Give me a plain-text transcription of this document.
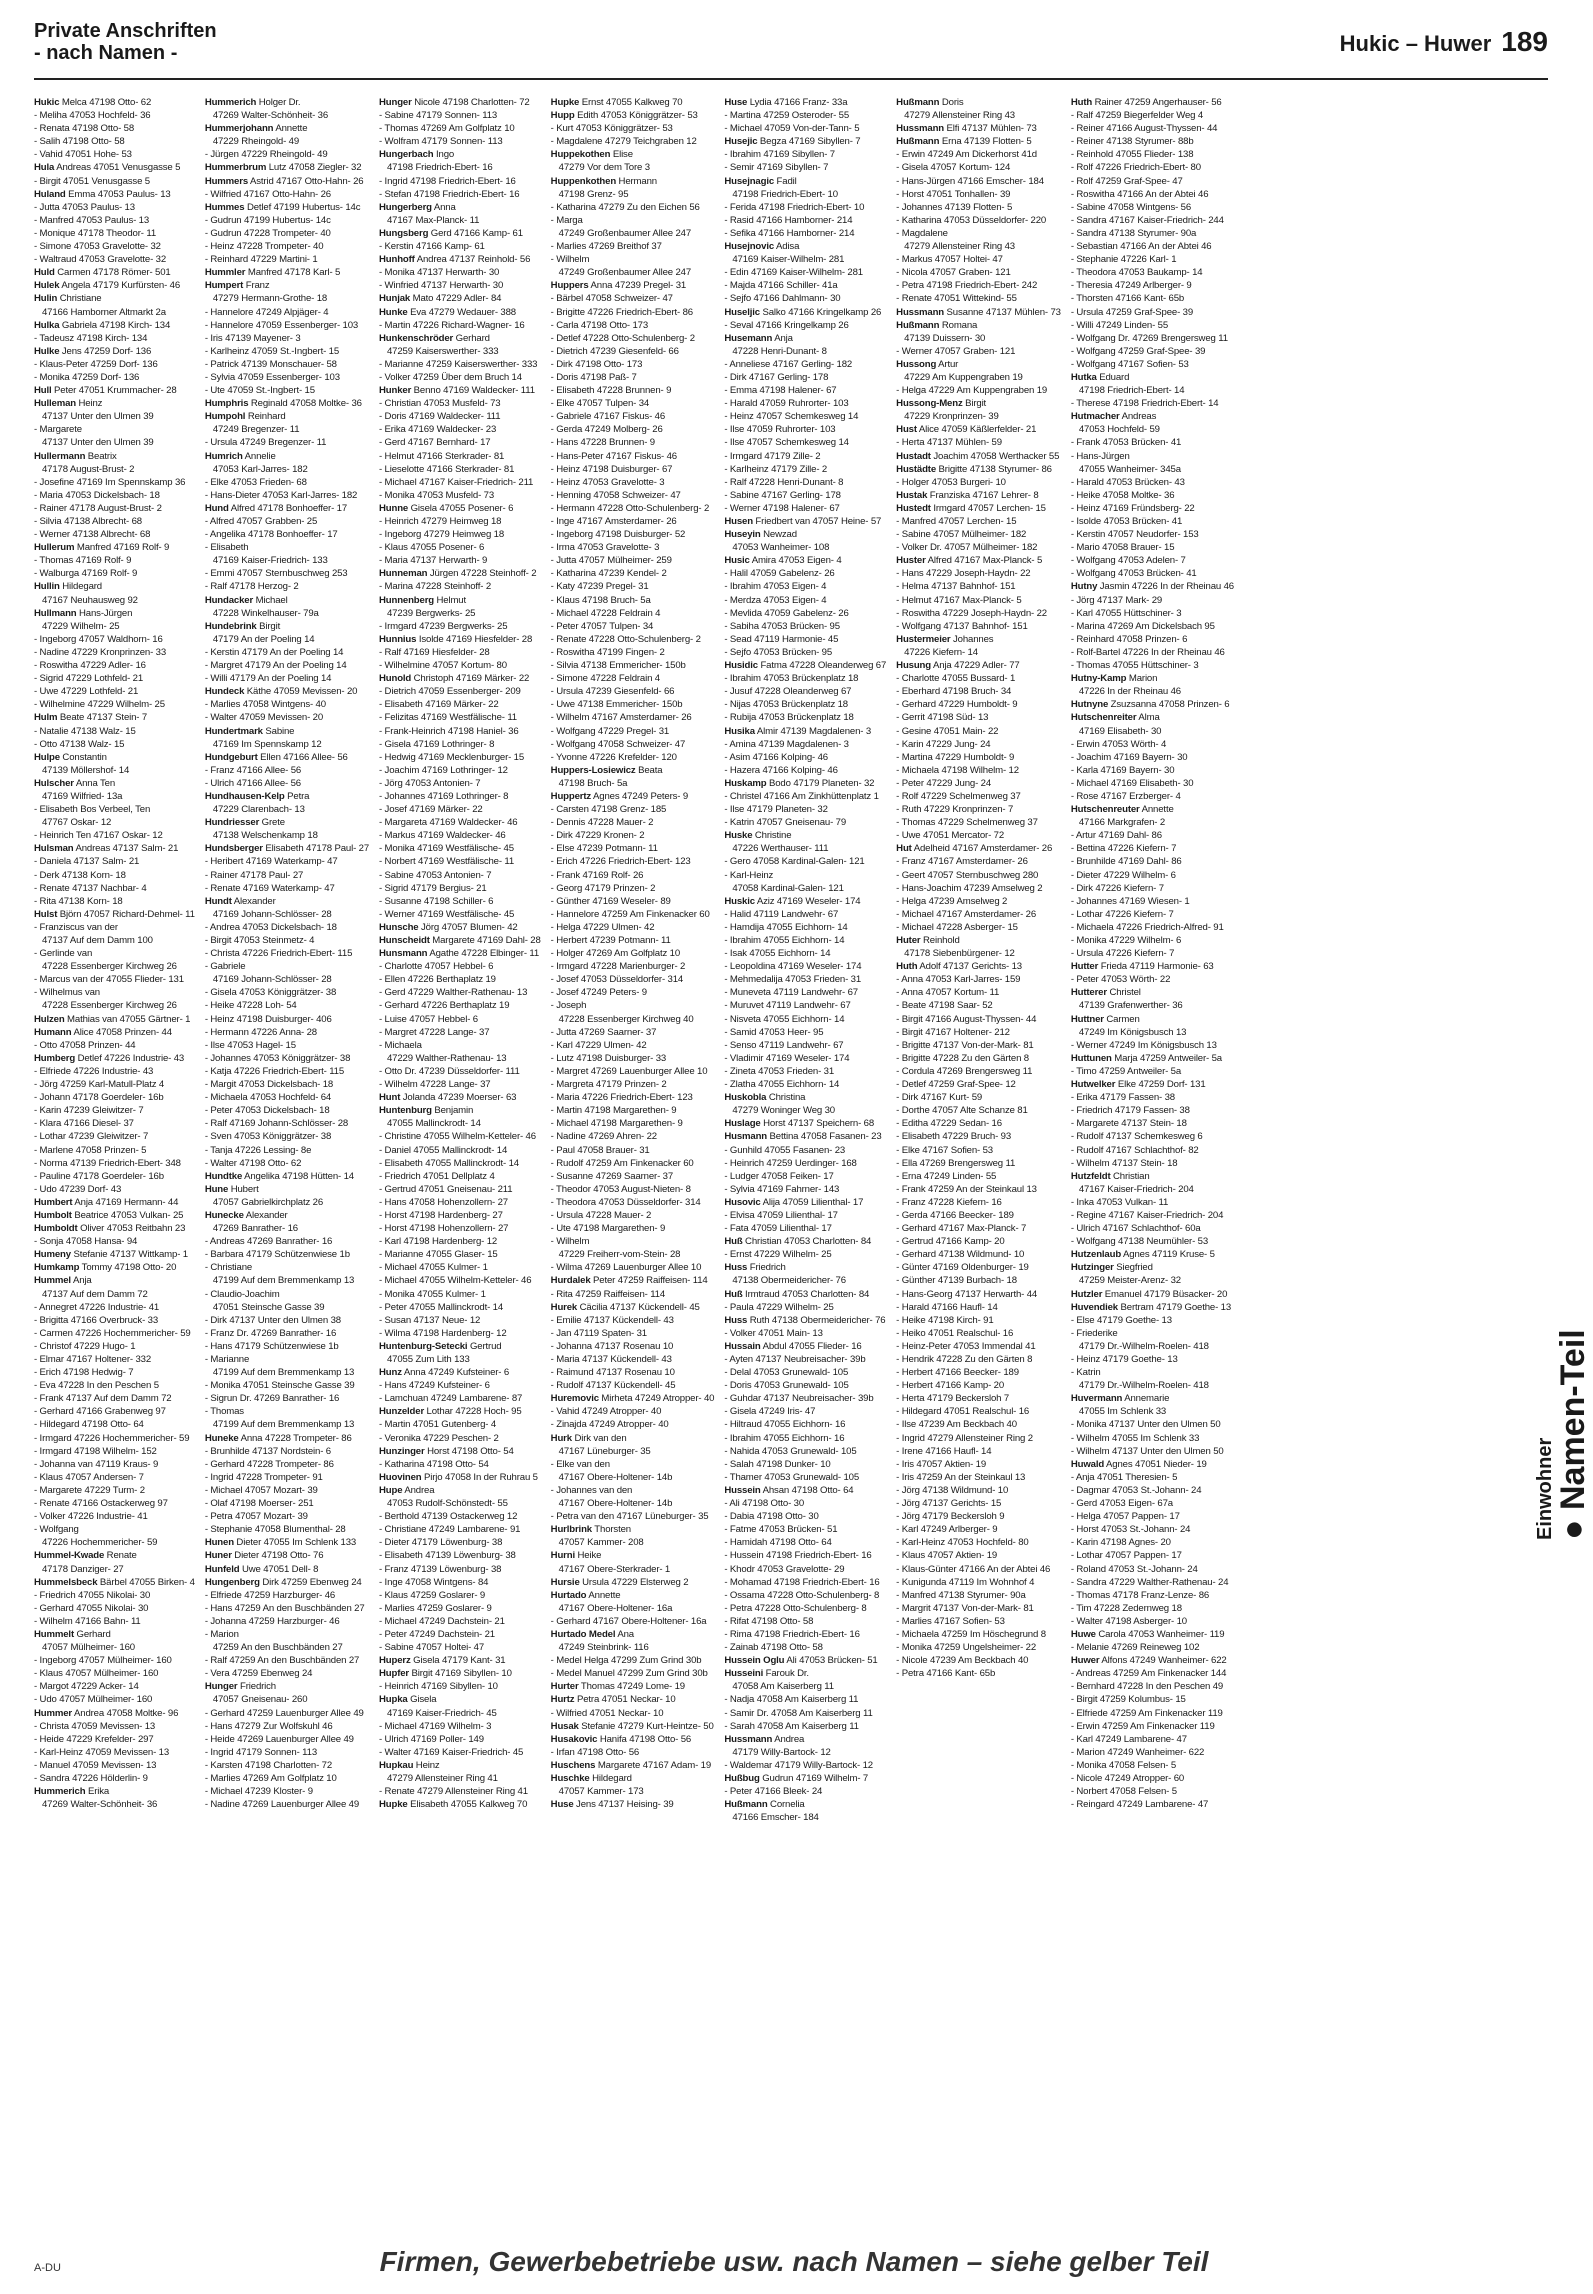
Private Anschriften
- nach Namen -	Hukic – Huwer 189
Hukic Melca 47198 Otto- 62
- Meliha 47053 Hochfeld- 36
- Renata 47198 Otto- 58
- Salih 47198 Otto- 58
- Vahid 47051 Hohe- 53
Hula Andreas 47051 Venusgasse 5
- Birgit 47051 Venusgasse 5
Huland Emma 47053 Paulus- 13
- Jutta 47053 Paulus- 13
- Manfred 47053 Paulus- 13
- Monique 47178 Theodor- 11
- Simone 47053 Gravelotte- 32
- Waltraud 47053 Gravelotte- 32
Huld Carmen 47178 Römer- 501
Hulek Angela 47179 Kurfürsten- 46
Hulin Christiane
47166 Hamborner Altmarkt 2a
Hulka Gabriela 47198 Kirch- 134
- Tadeusz 47198 Kirch- 134
Hulke Jens 47259 Dorf- 136
- Klaus-Peter 47259 Dorf- 136
- Monika 47259 Dorf- 136
Hull Peter 47051 Krummacher- 28
Hulleman Heinz
47137 Unter den Ulmen 39
- Margarete
47137 Unter den Ulmen 39
Hullermann Beatrix
47178 August-Brust- 2
- Josefine 47169 Im Spennskamp 36
- Maria 47053 Dickelsbach- 18
- Rainer 47178 August-Brust- 2
- Silvia 47138 Albrecht- 68
- Werner 47138 Albrecht- 68
Hullerum Manfred 47169 Rolf- 9
- Thomas 47169 Rolf- 9
- Walburga 47169 Rolf- 9
Hullin Hildegard
47167 Neuhausweg 92
Hullmann Hans-Jürgen
47229 Wilhelm- 25
- Ingeborg 47057 Waldhorn- 16
- Nadine 47229 Kronprinzen- 33
- Roswitha 47229 Adler- 16
- Sigrid 47229 Lothfeld- 21
- Uwe 47229 Lothfeld- 21
- Wilhelmine 47229 Wilhelm- 25
Hulm Beate 47137 Stein- 7
- Natalie 47138 Walz- 15
- Otto 47138 Walz- 15
Hulpe Constantin
47139 Möllershof- 14
Hulscher Anna Ten
47169 Wilfried- 13a
- Elisabeth Bos Verbeel, Ten
47767 Oskar- 12
- Heinrich Ten 47167 Oskar- 12
Hulsman Andreas 47137 Salm- 21
- Daniela 47137 Salm- 21
- Derk 47138 Korn- 18
- Renate 47137 Nachbar- 4
- Rita 47138 Korn- 18
Hulst Björn 47057 Richard-Dehmel- 11
- Franziscus van der
47137 Auf dem Damm 100
- Gerlinde van
47228 Essenberger Kirchweg 26
- Marcus van der 47055 Flieder- 131
- Wilhelmus van
47228 Essenberger Kirchweg 26
Hulzen Mathias van 47055 Gärtner- 1
Humann Alice 47058 Prinzen- 44
- Otto 47058 Prinzen- 44
Humberg Detlef 47226 Industrie- 43
- Elfriede 47226 Industrie- 43
- Jörg 47259 Karl-Matull-Platz 4
- Johann 47178 Goerdeler- 16b
- Karin 47239 Gleiwitzer- 7
- Klara 47166 Diesel- 37
- Lothar 47239 Gleiwitzer- 7
- Marlene 47058 Prinzen- 5
- Norma 47139 Friedrich-Ebert- 348
- Pauline 47178 Goerdeler- 16b
- Udo 47239 Dorf- 43
Humbert Anja 47169 Hermann- 44
Humbolt Beatrice 47053 Vulkan- 25
Humboldt Oliver 47053 Reitbahn 23
- Sonja 47058 Hansa- 94
Humeny Stefanie 47137 Wittkamp- 1
Humkamp Tommy 47198 Otto- 20
Hummel Anja
47137 Auf dem Damm 72
- Annegret 47226 Industrie- 41
- Brigitta 47166 Overbruck- 33
- Carmen 47226 Hochemmericher- 59
- Christof 47229 Hugo- 1
- Elmar 47167 Holtener- 332
- Erich 47198 Hedwig- 7
- Eva 47228 In den Peschen 5
- Frank 47137 Auf dem Damm 72
- Gerhard 47166 Grabenweg 97
- Hildegard 47198 Otto- 64
- Irmgard 47226 Hochemmericher- 59
- Irmgard 47198 Wilhelm- 152
- Johanna van 47119 Kraus- 9
- Klaus 47057 Andersen- 7
- Margarete 47229 Turm- 2
- Renate 47166 Ostackerweg 97
- Volker 47226 Industrie- 41
- Wolfgang
47226 Hochemmericher- 59
Hummel-Kwade Renate
47178 Danziger- 27
Hummelsbeck Bärbel 47055 Birken- 4
- Friedrich 47055 Nikolai- 30
- Gerhard 47055 Nikolai- 30
- Wilhelm 47166 Bahn- 11
Hummelt Gerhard
47057 Mülheimer- 160
- Ingeborg 47057 Mülheimer- 160
- Klaus 47057 Mülheimer- 160
- Margot 47229 Acker- 14
- Udo 47057 Mülheimer- 160
Hummer Andrea 47058 Moltke- 96
- Christa 47059 Mevissen- 13
- Heide 47229 Krefelder- 297
- Karl-Heinz 47059 Mevissen- 13
- Manuel 47059 Mevissen- 13
- Sandra 47226 Hölderlin- 9
Hummerich Erika
47269 Walter-Schönheit- 36
Hummerich Holger Dr.
47269 Walter-Schönheit- 36
Hummerjohann Annette
47229 Rheingold- 49
- Jürgen 47229 Rheingold- 49
Hummerbrum Lutz 47058 Ziegler- 32
Hummers Astrid 47167 Otto-Hahn- 26
- Wilfried 47167 Otto-Hahn- 26
Hummes Detlef 47199 Hubertus- 14c
- Gudrun 47199 Hubertus- 14c
- Gudrun 47228 Trompeter- 40
- Heinz 47228 Trompeter- 40
- Reinhard 47229 Martini- 1
Hummler Manfred 47178 Karl- 5
Humpert Franz
47279 Hermann-Grothe- 18
- Hannelore 47249 Alpjäger- 4
- Hannelore 47059 Essenberger- 103
- Iris 47139 Mayener- 3
- Karlheinz 47059 St.-Ingbert- 15
- Patrick 47139 Monschauer- 58
- Sylvia 47059 Essenberger- 103
- Ute 47059 St.-Ingbert- 15
Humphris Reginald 47058 Moltke- 36
Humpohl Reinhard
47249 Bregenzer- 11
- Ursula 47249 Bregenzer- 11
Humrich Annelie
47053 Karl-Jarres- 182
- Elke 47053 Frieden- 68
- Hans-Dieter 47053 Karl-Jarres- 182
Hund Alfred 47178 Bonhoeffer- 17
- Alfred 47057 Grabben- 25
- Angelika 47178 Bonhoeffer- 17
- Elisabeth
47169 Kaiser-Friedrich- 133
- Emmi 47057 Sternbuschweg 253
- Ralf 47178 Herzog- 2
Hundacker Michael
47228 Winkelhauser- 79a
Hundebrink Birgit
47179 An der Poeling 14
- Kerstin 47179 An der Poeling 14
- Margret 47179 An der Poeling 14
- Willi 47179 An der Poeling 14
Hundeck Käthe 47059 Mevissen- 20
- Marlies 47058 Wintgens- 40
- Walter 47059 Mevissen- 20
Hundertmark Sabine
47169 Im Spennskamp 12
Hundgeburt Ellen 47166 Allee- 56
- Franz 47166 Allee- 56
- Ulrich 47166 Allee- 56
Hundhausen-Kelp Petra
47229 Clarenbach- 13
Hundriesser Grete
47138 Welschenkamp 18
Hundsberger Elisabeth 47178 Paul- 27
- Heribert 47169 Waterkamp- 47
- Rainer 47178 Paul- 27
- Renate 47169 Waterkamp- 47
Hundt Alexander
47169 Johann-Schlösser- 28
- Andrea 47053 Dickelsbach- 18
- Birgit 47053 Steinmetz- 4
- Christa 47226 Friedrich-Ebert- 115
- Gabriele
47169 Johann-Schlösser- 28
- Gisela 47053 Königgrätzer- 38
- Heike 47228 Loh- 54
- Heinz 47198 Duisburger- 406
- Hermann 47226 Anna- 28
- Ilse 47053 Hagel- 15
- Johannes 47053 Königgrätzer- 38
- Katja 47226 Friedrich-Ebert- 115
- Margit 47053 Dickelsbach- 18
- Michaela 47053 Hochfeld- 64
- Peter 47053 Dickelsbach- 18
- Ralf 47169 Johann-Schlösser- 28
- Sven 47053 Königgrätzer- 38
- Tanja 47226 Lessing- 8e
- Walter 47198 Otto- 62
Hundtke Angelika 47198 Hütten- 14
Hune Hubert
47057 Gabrielkirchplatz 26
Hunecke Alexander
47269 Banrather- 16
- Andreas 47269 Banrather- 16
- Barbara 47179 Schützenwiese 1b
- Christiane
47199 Auf dem Bremmenkamp 13
- Claudio-Joachim
47051 Steinsche Gasse 39
- Dirk 47137 Unter den Ulmen 38
- Franz Dr. 47269 Banrather- 16
- Hans 47179 Schützenwiese 1b
- Marianne
47199 Auf dem Bremmenkamp 13
- Monika 47051 Steinsche Gasse 39
- Sigrun Dr. 47269 Banrather- 16
- Thomas
47199 Auf dem Bremmenkamp 13
Huneke Anna 47228 Trompeter- 86
- Brunhilde 47137 Nordstein- 6
- Gerhard 47228 Trompeter- 86
- Ingrid 47228 Trompeter- 91
- Michael 47057 Mozart- 39
- Olaf 47198 Moerser- 251
- Petra 47057 Mozart- 39
- Stephanie 47058 Blumenthal- 28
Hunen Dieter 47055 Im Schlenk 133
Huner Dieter 47198 Otto- 76
Hunfeld Uwe 47051 Dell- 8
Hungenberg Dirk 47259 Ebenweg 24
- Elfriede 47259 Harzburger- 46
- Hans 47259 An den Buschbänden 27
- Johanna 47259 Harzburger- 46
- Marion
47259 An den Buschbänden 27
- Ralf 47259 An den Buschbänden 27
- Vera 47259 Ebenweg 24
Hunger Friedrich
47057 Gneisenau- 260
- Gerhard 47259 Lauenburger Allee 49
- Hans 47279 Zur Wolfskuhl 46
- Heide 47269 Lauenburger Allee 49
- Ingrid 47179 Sonnen- 113
- Karsten 47198 Charlotten- 72
- Marlies 47269 Am Golfplatz 10
- Michael 47239 Kloster- 9
- Nadine 47269 Lauenburger Allee 49
Hunger Nicole 47198 Charlotten- 72
- Sabine 47179 Sonnen- 113
- Thomas 47269 Am Golfplatz 10
- Wolfram 47179 Sonnen- 113
Hungerbach Ingo
47198 Friedrich-Ebert- 16
- Ingrid 47198 Friedrich-Ebert- 16
- Stefan 47198 Friedrich-Ebert- 16
Hungerberg Anna
47167 Max-Planck- 11
Hungsberg Gerd 47166 Kamp- 61
- Kerstin 47166 Kamp- 61
Hunhoff Andrea 47137 Reinhold- 56
- Monika 47137 Herwarth- 30
- Winfried 47137 Herwarth- 30
Hunjak Mato 47229 Adler- 84
Hunke Eva 47279 Wedauer- 388
- Martin 47226 Richard-Wagner- 16
Hunkenschröder Gerhard
47259 Kaiserswerther- 333
- Marianne 47259 Kaiserswerther- 333
- Volker 47259 Über dem Bruch 14
Hunker Benno 47169 Waldecker- 111
- Christian 47053 Musfeld- 73
- Doris 47169 Waldecker- 111
- Erika 47169 Waldecker- 23
- Gerd 47167 Bernhard- 17
- Helmut 47166 Sterkrader- 81
- Lieselotte 47166 Sterkrader- 81
- Michael 47167 Kaiser-Friedrich- 211
- Monika 47053 Musfeld- 73
Hunne Gisela 47055 Posener- 6
- Heinrich 47279 Heimweg 18
- Ingeborg 47279 Heimweg 18
- Klaus 47055 Posener- 6
- Maria 47137 Herwarth- 9
Hunneman Jürgen 47228 Steinhoff- 2
- Marina 47228 Steinhoff- 2
Hunnenberg Helmut
47239 Bergwerks- 25
- Irmgard 47239 Bergwerks- 25
Hunnius Isolde 47169 Hiesfelder- 28
- Ralf 47169 Hiesfelder- 28
- Wilhelmine 47057 Kortum- 80
Hunold Christoph 47169 Märker- 22
- Dietrich 47059 Essenberger- 209
- Elisabeth 47169 Märker- 22
- Felizitas 47169 Westfälische- 11
- Frank-Heinrich 47198 Haniel- 36
- Gisela 47169 Lothringer- 8
- Hedwig 47169 Mecklenburger- 15
- Joachim 47169 Lothringer- 12
- Jörg 47053 Antonien- 7
- Johannes 47169 Lothringer- 8
- Josef 47169 Märker- 22
- Margareta 47169 Waldecker- 46
- Markus 47169 Waldecker- 46
- Monika 47169 Westfälische- 45
- Norbert 47169 Westfälische- 11
- Sabine 47053 Antonien- 7
- Sigrid 47179 Bergius- 21
- Susanne 47198 Schiller- 6
- Werner 47169 Westfälische- 45
Hunsche Jörg 47057 Blumen- 42
Hunscheidt Margarete 47169 Dahl- 28
Hunsmann Agathe 47228 Elbinger- 11
- Charlotte 47057 Hebbel- 6
- Ellen 47226 Berthaplatz 19
- Gerd 47229 Walther-Rathenau- 13
- Gerhard 47226 Berthaplatz 19
- Luise 47057 Hebbel- 6
- Margret 47228 Lange- 37
- Michaela
47229 Walther-Rathenau- 13
- Otto Dr. 47239 Düsseldorfer- 111
- Wilhelm 47228 Lange- 37
Hunt Jolanda 47239 Moerser- 63
Huntenburg Benjamin
47055 Mallinckrodt- 14
- Christine 47055 Wilhelm-Ketteler- 46
- Daniel 47055 Mallinckrodt- 14
- Elisabeth 47055 Mallinckrodt- 14
- Friedrich 47051 Dellplatz 4
- Gertrud 47051 Gneisenau- 211
- Hans 47058 Hohenzollern- 27
- Horst 47198 Hardenberg- 27
- Horst 47198 Hohenzollern- 27
- Karl 47198 Hardenberg- 12
- Marianne 47055 Glaser- 15
- Michael 47055 Kulmer- 1
- Michael 47055 Wilhelm-Ketteler- 46
- Monika 47055 Kulmer- 1
- Peter 47055 Mallinckrodt- 14
- Susan 47137 Neue- 12
- Wilma 47198 Hardenberg- 12
Huntenburg-Setecki Gertrud
47055 Zum Lith 133
Hunz Anna 47249 Kufsteiner- 6
- Hans 47249 Kufsteiner- 6
- Lamchuan 47249 Lambarene- 87
Hunzelder Lothar 47228 Hoch- 95
- Martin 47051 Gutenberg- 4
- Veronika 47229 Peschen- 2
Hunzinger Horst 47198 Otto- 54
- Katharina 47198 Otto- 54
Huovinen Pirjo 47058 In der Ruhrau 5
Hupe Andrea
47053 Rudolf-Schönstedt- 55
- Berthold 47139 Ostackerweg 12
- Christiane 47249 Lambarene- 91
- Dieter 47179 Löwenburg- 38
- Elisabeth 47139 Löwenburg- 38
- Franz 47139 Löwenburg- 38
- Inge 47058 Wintgens- 84
- Klaus 47259 Goslarer- 9
- Marlies 47259 Goslarer- 9
- Michael 47249 Dachstein- 21
- Peter 47249 Dachstein- 21
- Sabine 47057 Holtei- 47
Huperz Gisela 47179 Kant- 31
Hupfer Birgit 47169 Sibyllen- 10
- Heinrich 47169 Sibyllen- 10
Hupka Gisela
47169 Kaiser-Friedrich- 45
- Michael 47169 Wilhelm- 3
- Ulrich 47169 Poller- 149
- Walter 47169 Kaiser-Friedrich- 45
Hupkau Heinz
47279 Allensteiner Ring 41
- Renate 47279 Allensteiner Ring 41
Hupke Elisabeth 47055 Kalkweg 70
Hupke Ernst 47055 Kalkweg 70
Hupp Edith 47053 Königgrätzer- 53
- Kurt 47053 Königgrätzer- 53
- Magdalene 47279 Teichgraben 12
Huppekothen Elise
47279 Vor dem Tore 3
Huppenkothen Hermann
47198 Grenz- 95
- Katharina 47279 Zu den Eichen 56
- Marga
47249 Großenbaumer Allee 247
- Marlies 47269 Breithof 37
- Wilhelm
47249 Großenbaumer Allee 247
Huppers Anna 47239 Pregel- 31
- Bärbel 47058 Schweizer- 47
- Brigitte 47226 Friedrich-Ebert- 86
- Carla 47198 Otto- 173
- Detlef 47228 Otto-Schulenberg- 2
- Dietrich 47239 Giesenfeld- 66
- Dirk 47198 Otto- 173
- Doris 47198 Paß- 7
- Elisabeth 47228 Brunnen- 9
- Elke 47057 Tulpen- 34
- Gabriele 47167 Fiskus- 46
- Gerda 47249 Molberg- 26
- Hans 47228 Brunnen- 9
- Hans-Peter 47167 Fiskus- 46
- Heinz 47198 Duisburger- 67
- Heinz 47053 Gravelotte- 3
- Henning 47058 Schweizer- 47
- Hermann 47228 Otto-Schulenberg- 2
- Inge 47167 Amsterdamer- 26
- Ingeborg 47198 Duisburger- 52
- Irma 47053 Gravelotte- 3
- Jutta 47057 Mülheimer- 259
- Katharina 47239 Kendel- 2
- Katy 47239 Pregel- 31
- Klaus 47198 Bruch- 5a
- Michael 47228 Feldrain 4
- Peter 47057 Tulpen- 34
- Renate 47228 Otto-Schulenberg- 2
- Roswitha 47199 Fingen- 2
- Silvia 47138 Emmericher- 150b
- Simone 47228 Feldrain 4
- Ursula 47239 Giesenfeld- 66
- Uwe 47138 Emmericher- 150b
- Wilhelm 47167 Amsterdamer- 26
- Wolfgang 47229 Pregel- 31
- Wolfgang 47058 Schweizer- 47
- Yvonne 47226 Krefelder- 120
Huppers-Losiewicz Beata
47198 Bruch- 5a
Huppertz Agnes 47249 Peters- 9
- Carsten 47198 Grenz- 185
- Dennis 47228 Mauer- 2
- Dirk 47229 Kronen- 2
- Else 47239 Potmann- 11
- Erich 47226 Friedrich-Ebert- 123
- Frank 47169 Rolf- 26
- Georg 47179 Prinzen- 2
- Günther 47169 Weseler- 89
- Hannelore 47259 Am Finkenacker 60
- Helga 47229 Ulmen- 42
- Herbert 47239 Potmann- 11
- Holger 47269 Am Golfplatz 10
- Irmgard 47228 Marienburger- 2
- Josef 47053 Düsseldorfer- 314
- Josef 47249 Peters- 9
- Joseph
47228 Essenberger Kirchweg 40
- Jutta 47269 Saarner- 37
- Karl 47229 Ulmen- 42
- Lutz 47198 Duisburger- 33
- Margret 47269 Lauenburger Allee 10
- Margreta 47179 Prinzen- 2
- Maria 47226 Friedrich-Ebert- 123
- Martin 47198 Margarethen- 9
- Michael 47198 Margarethen- 9
- Nadine 47269 Ahren- 22
- Paul 47058 Brauer- 31
- Rudolf 47259 Am Finkenacker 60
- Susanne 47269 Saarner- 37
- Theodor 47053 August-Nieten- 8
- Theodora 47053 Düsseldorfer- 314
- Ursula 47228 Mauer- 2
- Ute 47198 Margarethen- 9
- Wilhelm
47229 Freiherr-vom-Stein- 28
- Wilma 47269 Lauenburger Allee 10
Hurdalek Peter 47259 Raiffeisen- 114
- Rita 47259 Raiffeisen- 114
Hurek Cäcilia 47137 Kückendell- 45
- Emilie 47137 Kückendell- 43
- Jan 47119 Spaten- 31
- Johanna 47137 Rosenau 10
- Maria 47137 Kückendell- 43
- Raimund 47137 Rosenau 10
- Rudolf 47137 Kückendell- 45
Huremovic Mirheta 47249 Atropper- 40
- Vahid 47249 Atropper- 40
- Zinajda 47249 Atropper- 40
Hurk Dirk van den
47167 Lüneburger- 35
- Elke van den
47167 Obere-Holtener- 14b
- Johannes van den
47167 Obere-Holtener- 14b
- Petra van den 47167 Lüneburger- 35
Hurlbrink Thorsten
47057 Kammer- 208
Hurni Heike
47167 Obere-Sterkrader- 1
Hursie Ursula 47229 Elsterweg 2
Hurtado Annette
47167 Obere-Holtener- 16a
- Gerhard 47167 Obere-Holtener- 16a
Hurtado Medel Ana
47249 Steinbrink- 116
- Medel Helga 47299 Zum Grind 30b
- Medel Manuel 47299 Zum Grind 30b
Hurter Thomas 47249 Lome- 19
Hurtz Petra 47051 Neckar- 10
- Wilfried 47051 Neckar- 10
Husak Stefanie 47279 Kurt-Heintze- 50
Husakovic Hanifa 47198 Otto- 56
- Irfan 47198 Otto- 56
Huschens Margarete 47167 Adam- 19
Huschke Hildegard
47057 Kammer- 173
Huse Jens 47137 Heising- 39
Huse Lydia 47166 Franz- 33a
- Martina 47259 Osteroder- 55
- Michael 47059 Von-der-Tann- 5
Husejic Begza 47169 Sibyllen- 7
- Ibrahim 47169 Sibyllen- 7
- Semir 47169 Sibyllen- 7
Husejnagic Fadil
47198 Friedrich-Ebert- 10
- Ferida 47198 Friedrich-Ebert- 10
- Rasid 47166 Hamborner- 214
- Sefika 47166 Hamborner- 214
Husejnovic Adisa
47169 Kaiser-Wilhelm- 281
- Edin 47169 Kaiser-Wilhelm- 281
- Majda 47166 Schiller- 41a
- Sejfo 47166 Dahlmann- 30
Huseljic Salko 47166 Kringelkamp 26
- Seval 47166 Kringelkamp 26
Husemann Anja
47228 Henri-Dunant- 8
- Anneliese 47167 Gerling- 182
- Dirk 47167 Gerling- 178
- Emma 47198 Halener- 67
- Harald 47059 Ruhrorter- 103
- Heinz 47057 Schemkesweg 14
- Ilse 47059 Ruhrorter- 103
- Ilse 47057 Schemkesweg 14
- Irmgard 47179 Zille- 2
- Karlheinz 47179 Zille- 2
- Ralf 47228 Henri-Dunant- 8
- Sabine 47167 Gerling- 178
- Werner 47198 Halener- 67
Husen Friedbert van 47057 Heine- 57
Huseyin Newzad
47053 Wanheimer- 108
Husic Amira 47053 Eigen- 4
- Halil 47059 Gabelenz- 26
- Ibrahim 47053 Eigen- 4
- Merdza 47053 Eigen- 4
- Mevlida 47059 Gabelenz- 26
- Sabiha 47053 Brücken- 95
- Sead 47119 Harmonie- 45
- Sejfo 47053 Brücken- 95
Husidic Fatma 47228 Oleanderweg 67
- Ibrahim 47053 Brückenplatz 18
- Jusuf 47228 Oleanderweg 67
- Nijas 47053 Brückenplatz 18
- Rubija 47053 Brückenplatz 18
Husika Almir 47139 Magdalenen- 3
- Amina 47139 Magdalenen- 3
- Asim 47166 Kolping- 46
- Hazera 47166 Kolping- 46
Huskamp Bodo 47179 Planeten- 32
- Christel 47166 Am Zinkhüttenplatz 1
- Ilse 47179 Planeten- 32
- Katrin 47057 Gneisenau- 79
Huske Christine
47226 Werthauser- 111
- Gero 47058 Kardinal-Galen- 121
- Karl-Heinz
47058 Kardinal-Galen- 121
Huskic Aziz 47169 Weseler- 174
- Halid 47119 Landwehr- 67
- Hamdija 47055 Eichhorn- 14
- Ibrahim 47055 Eichhorn- 14
- Isak 47055 Eichhorn- 14
- Leopoldina 47169 Weseler- 174
- Mehmedalija 47053 Frieden- 31
- Muneveta 47119 Landwehr- 67
- Muruvet 47119 Landwehr- 67
- Nisveta 47055 Eichhorn- 14
- Samid 47053 Heer- 95
- Senso 47119 Landwehr- 67
- Vladimir 47169 Weseler- 174
- Zineta 47053 Frieden- 31
- Zlatha 47055 Eichhorn- 14
Huskobla Christina
47279 Woninger Weg 30
Huslage Horst 47137 Speichern- 68
Husmann Bettina 47058 Fasanen- 23
- Gunhild 47055 Fasanen- 23
- Heinrich 47259 Uerdinger- 168
- Ludger 47058 Feiken- 17
- Sylvia 47169 Fahrner- 143
Husovic Alija 47059 Lilienthal- 17
- Elvisa 47059 Lilienthal- 17
- Fata 47059 Lilienthal- 17
Huß Christian 47053 Charlotten- 84
- Ernst 47229 Wilhelm- 25
Huss Friedrich
47138 Obermeidericher- 76
Huß Irmtraud 47053 Charlotten- 84
- Paula 47229 Wilhelm- 25
Huss Ruth 47138 Obermeidericher- 76
- Volker 47051 Main- 13
Hussain Abdul 47055 Flieder- 16
- Ayten 47137 Neubreisacher- 39b
- Delal 47053 Grunewald- 105
- Doris 47053 Grunewald- 105
- Guhdar 47137 Neubreisacher- 39b
- Gisela 47249 Iris- 47
- Hiltraud 47055 Eichhorn- 16
- Ibrahim 47055 Eichhorn- 16
- Nahida 47053 Grunewald- 105
- Salah 47198 Dunker- 10
- Thamer 47053 Grunewald- 105
Hussein Ahsan 47198 Otto- 64
- Ali 47198 Otto- 30
- Dabia 47198 Otto- 30
- Fatme 47053 Brücken- 51
- Hamidah 47198 Otto- 64
- Hussein 47198 Friedrich-Ebert- 16
- Khodr 47053 Gravelotte- 29
- Mohamad 47198 Friedrich-Ebert- 16
- Ossama 47228 Otto-Schulenberg- 8
- Petra 47228 Otto-Schulenberg- 8
- Rifat 47198 Otto- 58
- Rima 47198 Friedrich-Ebert- 16
- Zainab 47198 Otto- 58
Hussein Oglu Ali 47053 Brücken- 51
Husseini Farouk Dr.
47058 Am Kaiserberg 11
- Nadja 47058 Am Kaiserberg 11
- Samir Dr. 47058 Am Kaiserberg 11
- Sarah 47058 Am Kaiserberg 11
Hussmann Andrea
47179 Willy-Bartock- 12
- Waldemar 47179 Willy-Bartock- 12
Hußbug Gudrun 47169 Wilhelm- 7
- Peter 47166 Bleek- 24
Hußmann Cornelia
47166 Emscher- 184
Hußmann Doris
47279 Allensteiner Ring 43
Hussmann Elfi 47137 Mühlen- 73
Hußmann Erna 47139 Flotten- 5
- Erwin 47249 Am Dickerhorst 41d
- Gisela 47057 Kortum- 124
- Hans-Jürgen 47166 Emscher- 184
- Horst 47051 Tonhallen- 39
- Johannes 47139 Flotten- 5
- Katharina 47053 Düsseldorfer- 220
- Magdalene
47279 Allensteiner Ring 43
- Markus 47057 Holtei- 47
- Nicola 47057 Graben- 121
- Petra 47198 Friedrich-Ebert- 242
- Renate 47051 Wittekind- 55
Hussmann Susanne 47137 Mühlen- 73
Hußmann Romana
47139 Duissern- 30
- Werner 47057 Graben- 121
Hussong Artur
47229 Am Kuppengraben 19
- Helga 47229 Am Kuppengraben 19
Hussong-Menz Birgit
47229 Kronprinzen- 39
Hust Alice 47059 Käßlerfelder- 21
- Herta 47137 Mühlen- 59
Hustadt Joachim 47058 Werthacker 55
Hustädte Brigitte 47138 Styrumer- 86
- Holger 47053 Burgeri- 10
Hustak Franziska 47167 Lehrer- 8
Hustedt Irmgard 47057 Lerchen- 15
- Manfred 47057 Lerchen- 15
- Sabine 47057 Mülheimer- 182
- Volker Dr. 47057 Mülheimer- 182
Huster Alfred 47167 Max-Planck- 5
- Hans 47229 Joseph-Haydn- 22
- Helma 47137 Bahnhof- 151
- Helmut 47167 Max-Planck- 5
- Roswitha 47229 Joseph-Haydn- 22
- Wolfgang 47137 Bahnhof- 151
Hustermeier Johannes
47226 Kiefern- 14
Husung Anja 47229 Adler- 77
- Charlotte 47055 Bussard- 1
- Eberhard 47198 Bruch- 34
- Gerhard 47229 Humboldt- 9
- Gerrit 47198 Süd- 13
- Gesine 47051 Main- 22
- Karin 47229 Jung- 24
- Martina 47229 Humboldt- 9
- Michaela 47198 Wilhelm- 12
- Peter 47229 Jung- 24
- Rolf 47229 Schelmenweg 37
- Ruth 47229 Kronprinzen- 7
- Thomas 47229 Schelmenweg 37
- Uwe 47051 Mercator- 72
Hut Adelheid 47167 Amsterdamer- 26
- Franz 47167 Amsterdamer- 26
- Geert 47057 Sternbuschweg 280
- Hans-Joachim 47239 Amselweg 2
- Helga 47239 Amselweg 2
- Michael 47167 Amsterdamer- 26
- Michael 47228 Asberger- 15
Huter Reinhold
47178 Siebenbürgener- 12
Huth Adolf 47137 Gerichts- 13
- Anna 47053 Karl-Jarres- 159
- Anna 47057 Kortum- 11
- Beate 47198 Saar- 52
- Birgit 47166 August-Thyssen- 44
- Birgit 47167 Holtener- 212
- Brigitte 47137 Von-der-Mark- 81
- Brigitte 47228 Zu den Gärten 8
- Cordula 47269 Brengersweg 11
- Detlef 47259 Graf-Spee- 12
- Dirk 47167 Kurt- 59
- Dorthe 47057 Alte Schanze 81
- Editha 47229 Sedan- 16
- Elisabeth 47229 Bruch- 93
- Elke 47167 Sofien- 53
- Ella 47269 Brengersweg 11
- Erna 47249 Linden- 55
- Frank 47259 An der Steinkaul 13
- Franz 47228 Kiefern- 16
- Gerda 47166 Beecker- 189
- Gerhard 47167 Max-Planck- 7
- Gertrud 47166 Kamp- 20
- Gerhard 47138 Wildmund- 10
- Günter 47169 Oldenburger- 19
- Günther 47139 Burbach- 18
- Hans-Georg 47137 Herwarth- 44
- Harald 47166 Haufl- 14
- Heike 47198 Kirch- 91
- Heiko 47051 Realschul- 16
- Heinz-Peter 47053 Immendal 41
- Hendrik 47228 Zu den Gärten 8
- Herbert 47166 Beecker- 189
- Herbert 47166 Kamp- 20
- Herta 47179 Beckersloh 7
- Hildegard 47051 Realschul- 16
- Ilse 47239 Am Beckbach 40
- Ingrid 47279 Allensteiner Ring 2
- Irene 47166 Haufl- 14
- Iris 47057 Aktien- 19
- Iris 47259 An der Steinkaul 13
- Jörg 47138 Wildmund- 10
- Jörg 47137 Gerichts- 15
- Jörg 47179 Beckersloh 9
- Karl 47249 Arlberger- 9
- Karl-Heinz 47053 Hochfeld- 80
- Klaus 47057 Aktien- 19
- Klaus-Günter 47166 An der Abtei 46
- Kunigunda 47119 Im Wohnhof 4
- Manfred 47138 Styrumer- 90a
- Margrit 47137 Von-der-Mark- 81
- Marlies 47167 Sofien- 53
- Michaela 47259 Im Höschegrund 8
- Monika 47259 Ungelsheimer- 22
- Nicole 47239 Am Beckbach 40
- Petra 47166 Kant- 65b
Huth Rainer 47259 Angerhauser- 56
- Ralf 47259 Biegerfelder Weg 4
- Reiner 47166 August-Thyssen- 44
- Reiner 47138 Styrumer- 88b
- Reinhold 47055 Flieder- 138
- Rolf 47226 Friedrich-Ebert- 80
- Rolf 47259 Graf-Spee- 47
- Roswitha 47166 An der Abtei 46
- Sabine 47058 Wintgens- 56
- Sandra 47167 Kaiser-Friedrich- 244
- Sandra 47138 Styrumer- 90a
- Sebastian 47166 An der Abtei 46
- Stephanie 47226 Karl- 1
- Theodora 47053 Baukamp- 14
- Theresia 47249 Arlberger- 9
- Thorsten 47166 Kant- 65b
- Ursula 47259 Graf-Spee- 39
- Willi 47249 Linden- 55
- Wolfgang Dr. 47269 Brengersweg 11
- Wolfgang 47259 Graf-Spee- 39
- Wolfgang 47167 Sofien- 53
Hutka Eduard
47198 Friedrich-Ebert- 14
- Therese 47198 Friedrich-Ebert- 14
Hutmacher Andreas
47053 Hochfeld- 59
- Frank 47053 Brücken- 41
- Hans-Jürgen
47055 Wanheimer- 345a
- Harald 47053 Brücken- 43
- Heike 47058 Moltke- 36
- Heinz 47169 Fründsberg- 22
- Isolde 47053 Brücken- 41
- Kerstin 47057 Neudorfer- 153
- Mario 47058 Brauer- 15
- Wolfgang 47053 Adelen- 7
- Wolfgang 47053 Brücken- 41
Hutny Jasmin 47226 In der Rheinau 46
- Jörg 47137 Mark- 29
- Karl 47055 Hüttschiner- 3
- Marina 47269 Am Dickelsbach 95
- Reinhard 47058 Prinzen- 6
- Rolf-Bartel 47226 In der Rheinau 46
- Thomas 47055 Hüttschiner- 3
Hutny-Kamp Marion
47226 In der Rheinau 46
Hutnyne Zsuzsanna 47058 Prinzen- 6
Hutschenreiter Alma
47169 Elisabeth- 30
- Erwin 47053 Wörth- 4
- Joachim 47169 Bayern- 30
- Karla 47169 Bayern- 30
- Michael 47169 Elisabeth- 30
- Rose 47167 Erzberger- 4
Hutschenreuter Annette
47166 Markgrafen- 2
- Artur 47169 Dahl- 86
- Bettina 47226 Kiefern- 7
- Brunhilde 47169 Dahl- 86
- Dieter 47229 Wilhelm- 6
- Dirk 47226 Kiefern- 7
- Johannes 47169 Wiesen- 1
- Lothar 47226 Kiefern- 7
- Michaela 47226 Friedrich-Alfred- 91
- Monika 47229 Wilhelm- 6
- Ursula 47226 Kiefern- 7
Hutter Frieda 47119 Harmonie- 63
- Peter 47053 Wörth- 22
Hutterer Christel
47139 Grafenwerther- 36
Huttner Carmen
47249 Im Königsbusch 13
- Werner 47249 Im Königsbusch 13
Huttunen Marja 47259 Antweiler- 5a
- Timo 47259 Antweiler- 5a
Hutwelker Elke 47259 Dorf- 131
- Erika 47179 Fassen- 38
- Friedrich 47179 Fassen- 38
- Margarete 47137 Stein- 18
- Rudolf 47137 Schemkesweg 6
- Rudolf 47167 Schlachthof- 82
- Wilhelm 47137 Stein- 18
Hutzfeldt Christian
47167 Kaiser-Friedrich- 204
- Inka 47053 Vulkan- 11
- Regine 47167 Kaiser-Friedrich- 204
- Ulrich 47167 Schlachthof- 60a
- Wolfgang 47138 Neumühler- 53
Hutzenlaub Agnes 47119 Kruse- 5
Hutzinger Siegfried
47259 Meister-Arenz- 32
Hutzler Emanuel 47179 Büsacker- 20
Huvendiek Bertram 47179 Goethe- 13
- Else 47179 Goethe- 13
- Friederike
47179 Dr.-Wilhelm-Roelen- 418
- Heinz 47179 Goethe- 13
- Katrin
47179 Dr.-Wilhelm-Roelen- 418
Huvermann Annemarie
47055 Im Schlenk 33
- Monika 47137 Unter den Ulmen 50
- Wilhelm 47055 Im Schlenk 33
- Wilhelm 47137 Unter den Ulmen 50
Huwald Agnes 47051 Nieder- 19
- Anja 47051 Theresien- 5
- Dagmar 47053 St.-Johann- 24
- Gerd 47053 Eigen- 67a
- Helga 47057 Pappen- 17
- Horst 47053 St.-Johann- 24
- Karin 47198 Agnes- 20
- Lothar 47057 Pappen- 17
- Roland 47053 St.-Johann- 24
- Sandra 47229 Walther-Rathenau- 24
- Thomas 47178 Franz-Lenze- 86
- Tim 47228 Zedernweg 18
- Walter 47198 Asberger- 10
Huwe Carola 47053 Wanheimer- 119
- Melanie 47269 Reineweg 102
Huwer Alfons 47249 Wanheimer- 622
- Andreas 47259 Am Finkenacker 144
- Bernhard 47228 In den Peschen 49
- Birgit 47259 Kolumbus- 15
- Elfriede 47259 Am Finkenacker 119
- Erwin 47259 Am Finkenacker 119
- Karl 47249 Lambarene- 47
- Marion 47249 Wanheimer- 622
- Monika 47058 Felsen- 5
- Nicole 47249 Atropper- 60
- Norbert 47058 Felsen- 5
- Reingard 47249 Lambarene- 47
Einwohner
● Namen-Teil
Firmen, Gewerbebetriebe usw. nach Namen – siehe gelber Teil
A-DU
